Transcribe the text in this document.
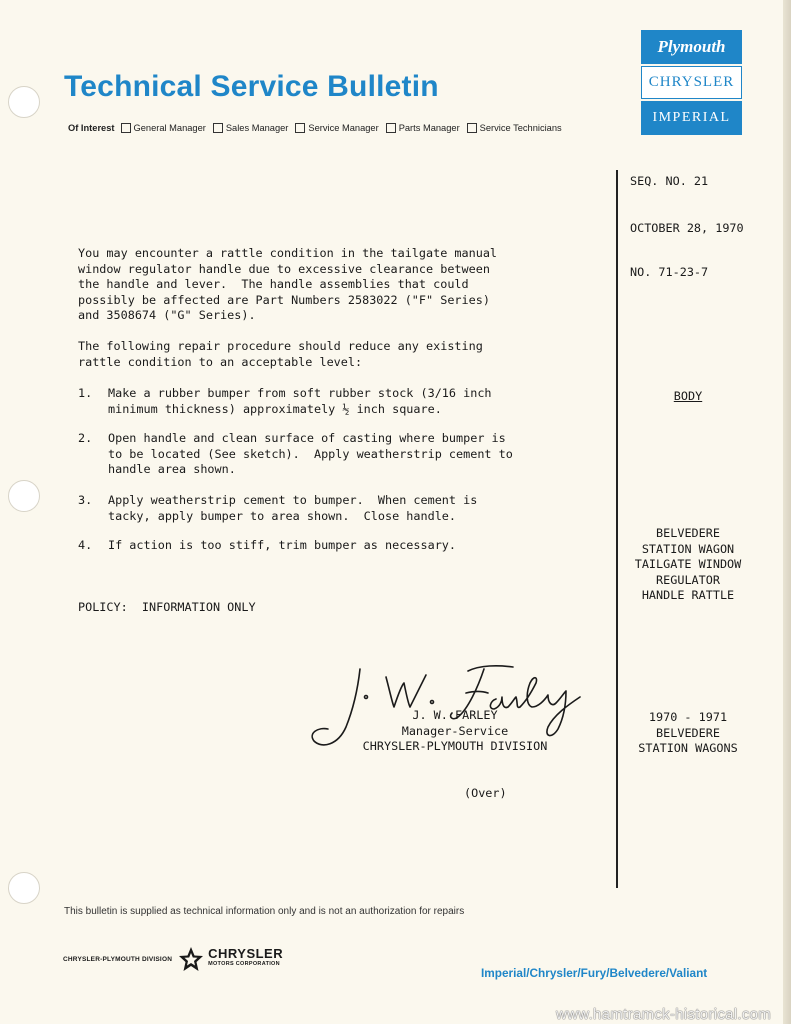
Technical Service Bulletin
Of Interest General Manager Sales Manager Service Manager Parts Manager Service Technicians
Plymouth
CHRYSLER
IMPERIAL
SEQ. NO. 21
OCTOBER 28, 1970
NO. 71-23-7
BODY
BELVEDERE
STATION WAGON
TAILGATE WINDOW
REGULATOR
HANDLE RATTLE
1970 - 1971
BELVEDERE
STATION WAGONS
You may encounter a rattle condition in the tailgate manual
window regulator handle due to excessive clearance between
the handle and lever.  The handle assemblies that could
possibly be affected are Part Numbers 2583022 ("F" Series)
and 3508674 ("G" Series).
The following repair procedure should reduce any existing
rattle condition to an acceptable level:
1.	Make a rubber bumper from soft rubber stock (3/16 inch
minimum thickness) approximately ½ inch square.
2.	Open handle and clean surface of casting where bumper is
to be located (See sketch).  Apply weatherstrip cement to
handle area shown.
3.	Apply weatherstrip cement to bumper.  When cement is
tacky, apply bumper to area shown.  Close handle.
4.	If action is too stiff, trim bumper as necessary.
POLICY:  INFORMATION ONLY
J. W. FARLEY
Manager-Service
CHRYSLER-PLYMOUTH DIVISION
(Over)
This bulletin is supplied as technical information only and is not an authorization for repairs
CHRYSLER-PLYMOUTH DIVISION	CHRYSLER
MOTORS CORPORATION
Imperial/Chrysler/Fury/Belvedere/Valiant
www.hamtramck-historical.com
